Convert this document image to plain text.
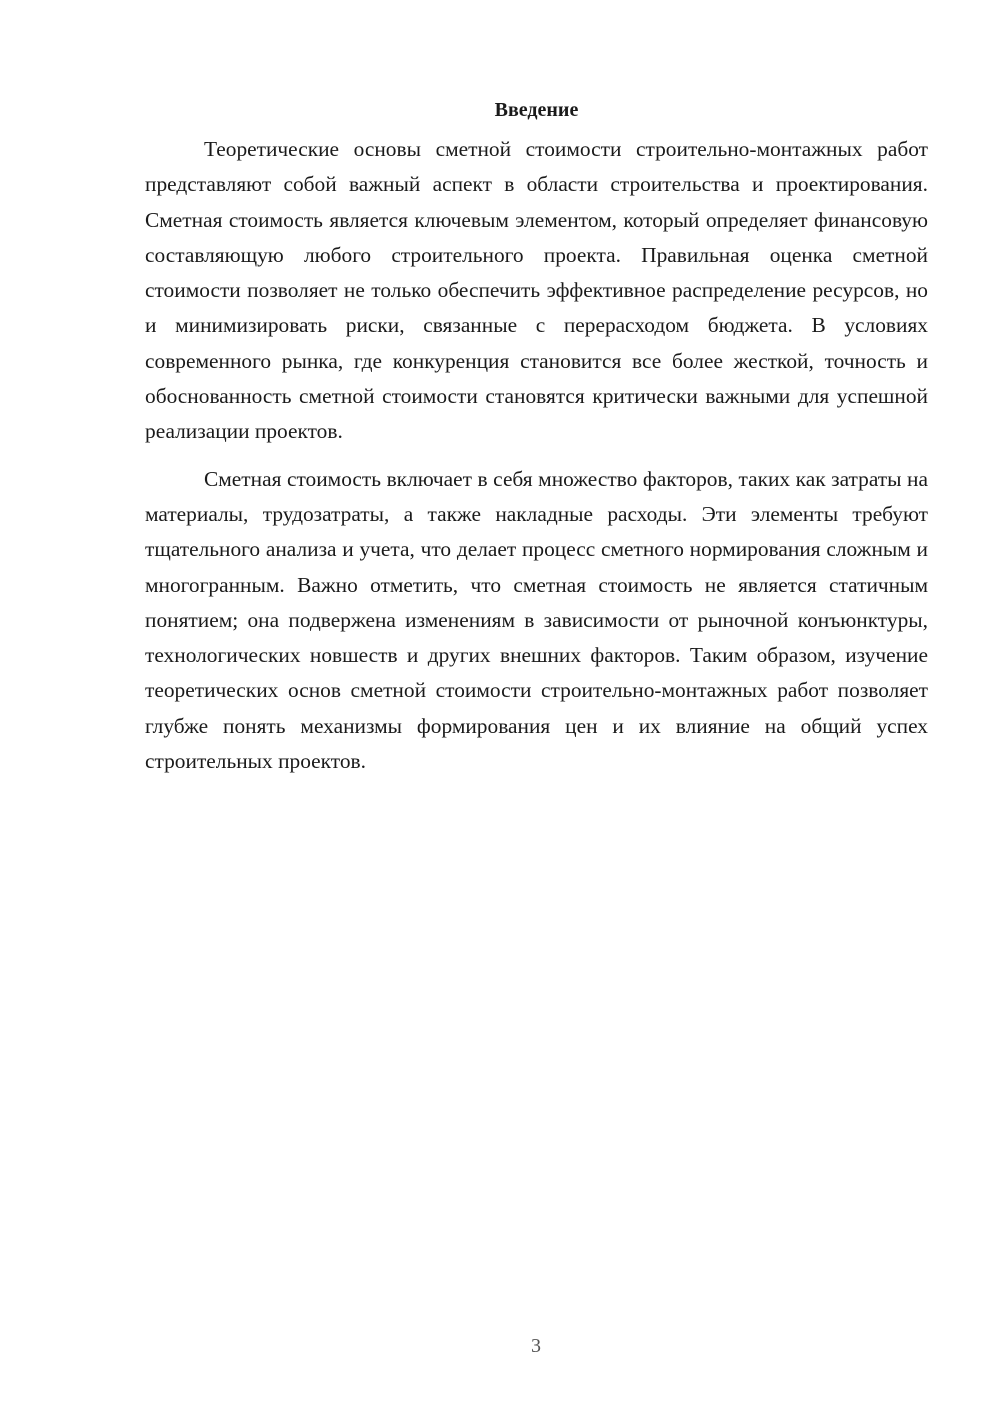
Введение

Теоретические основы сметной стоимости строительно-монтажных работ представляют собой важный аспект в области строительства и проектирования. Сметная стоимость является ключевым элементом, который определяет финансовую составляющую любого строительного проекта. Правильная оценка сметной стоимости позволяет не только обеспечить эффективное распределение ресурсов, но и минимизировать риски, связанные с перерасходом бюджета. В условиях современного рынка, где конкуренция становится все более жесткой, точность и обоснованность сметной стоимости становятся критически важными для успешной реализации проектов.

Сметная стоимость включает в себя множество факторов, таких как затраты на материалы, трудозатраты, а также накладные расходы. Эти элементы требуют тщательного анализа и учета, что делает процесс сметного нормирования сложным и многогранным. Важно отметить, что сметная стоимость не является статичным понятием; она подвержена изменениям в зависимости от рыночной конъюнктуры, технологических новшеств и других внешних факторов. Таким образом, изучение теоретических основ сметной стоимости строительно-монтажных работ позволяет глубже понять механизмы формирования цен и их влияние на общий успех строительных проектов.

3
